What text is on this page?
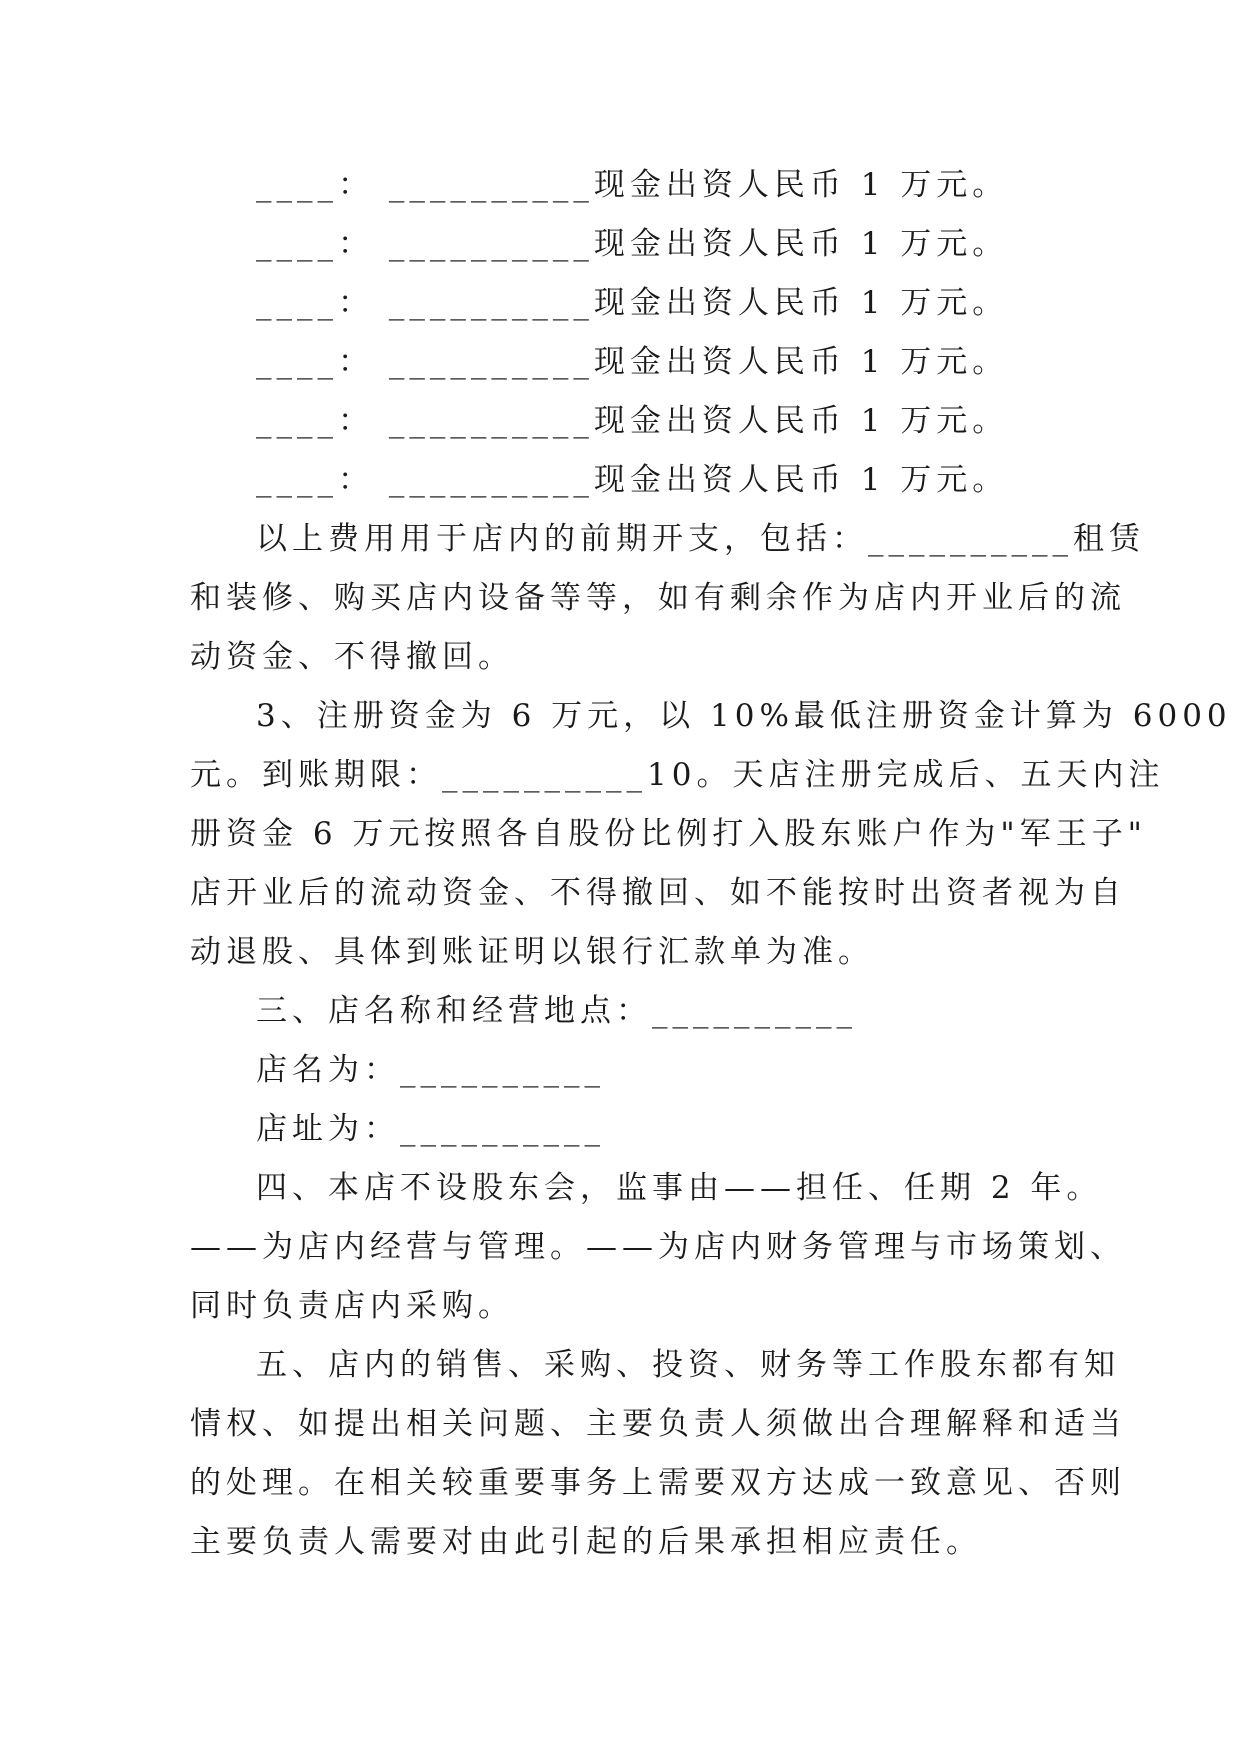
____： __________现金出资人民币 1 万元。

____： __________现金出资人民币 1 万元。

____： __________现金出资人民币 1 万元。

____： __________现金出资人民币 1 万元。

____： __________现金出资人民币 1 万元。

____： __________现金出资人民币 1 万元。

以上费用用于店内的前期开支，包括：__________租赁

和装修、购买店内设备等等，如有剩余作为店内开业后的流

动资金、不得撤回。

3、注册资金为 6 万元，以 10%最低注册资金计算为 6000

元。到账期限：__________10。天店注册完成后、五天内注

册资金 6 万元按照各自股份比例打入股东账户作为"军王子"

店开业后的流动资金、不得撤回、如不能按时出资者视为自

动退股、具体到账证明以银行汇款单为准。

三、店名称和经营地点：__________

店名为：__________

店址为：__________

四、本店不设股东会，监事由——担任、任期 2 年。

——为店内经营与管理。——为店内财务管理与市场策划、

同时负责店内采购。

五、店内的销售、采购、投资、财务等工作股东都有知

情权、如提出相关问题、主要负责人须做出合理解释和适当

的处理。在相关较重要事务上需要双方达成一致意见、否则

主要负责人需要对由此引起的后果承担相应责任。
